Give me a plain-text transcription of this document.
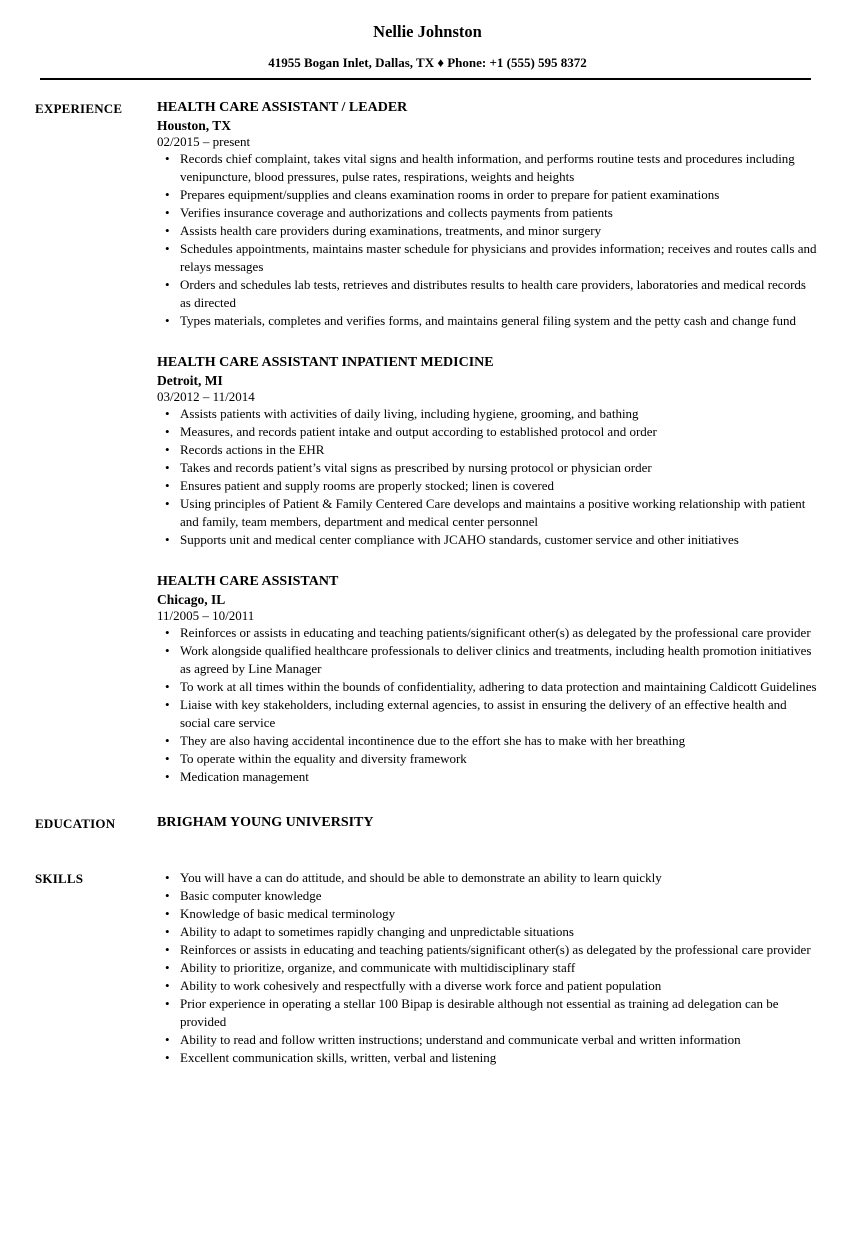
Nellie Johnston
41955 Bogan Inlet, Dallas, TX ♦ Phone: +1 (555) 595 8372
EXPERIENCE	HEALTH CARE ASSISTANT / LEADER
Houston, TX
02/2015 – present
• Records chief complaint, takes vital signs and health information, and performs routine tests and procedures including venipuncture, blood pressures, pulse rates, respirations, weights and heights
• Prepares equipment/supplies and cleans examination rooms in order to prepare for patient examinations
• Verifies insurance coverage and authorizations and collects payments from patients
• Assists health care providers during examinations, treatments, and minor surgery
• Schedules appointments, maintains master schedule for physicians and provides information; receives and routes calls and relays messages
• Orders and schedules lab tests, retrieves and distributes results to health care providers, laboratories and medical records as directed
• Types materials, completes and verifies forms, and maintains general filing system and the petty cash and change fund
HEALTH CARE ASSISTANT INPATIENT MEDICINE
Detroit, MI
03/2012 – 11/2014
• Assists patients with activities of daily living, including hygiene, grooming, and bathing
• Measures, and records patient intake and output according to established protocol and order
• Records actions in the EHR
• Takes and records patient’s vital signs as prescribed by nursing protocol or physician order
• Ensures patient and supply rooms are properly stocked; linen is covered
• Using principles of Patient & Family Centered Care develops and maintains a positive working relationship with patient and family, team members, department and medical center personnel
• Supports unit and medical center compliance with JCAHO standards, customer service and other initiatives
HEALTH CARE ASSISTANT
Chicago, IL
11/2005 – 10/2011
• Reinforces or assists in educating and teaching patients/significant other(s) as delegated by the professional care provider
• Work alongside qualified healthcare professionals to deliver clinics and treatments, including health promotion initiatives as agreed by Line Manager
• To work at all times within the bounds of confidentiality, adhering to data protection and maintaining Caldicott Guidelines
• Liaise with key stakeholders, including external agencies, to assist in ensuring the delivery of an effective health and social care service
• They are also having accidental incontinence due to the effort she has to make with her breathing
• To operate within the equality and diversity framework
• Medication management
EDUCATION	BRIGHAM YOUNG UNIVERSITY
SKILLS	• You will have a can do attitude, and should be able to demonstrate an ability to learn quickly
• Basic computer knowledge
• Knowledge of basic medical terminology
• Ability to adapt to sometimes rapidly changing and unpredictable situations
• Reinforces or assists in educating and teaching patients/significant other(s) as delegated by the professional care provider
• Ability to prioritize, organize, and communicate with multidisciplinary staff
• Ability to work cohesively and respectfully with a diverse work force and patient population
• Prior experience in operating a stellar 100 Bipap is desirable although not essential as training ad delegation can be provided
• Ability to read and follow written instructions; understand and communicate verbal and written information
• Excellent communication skills, written, verbal and listening
